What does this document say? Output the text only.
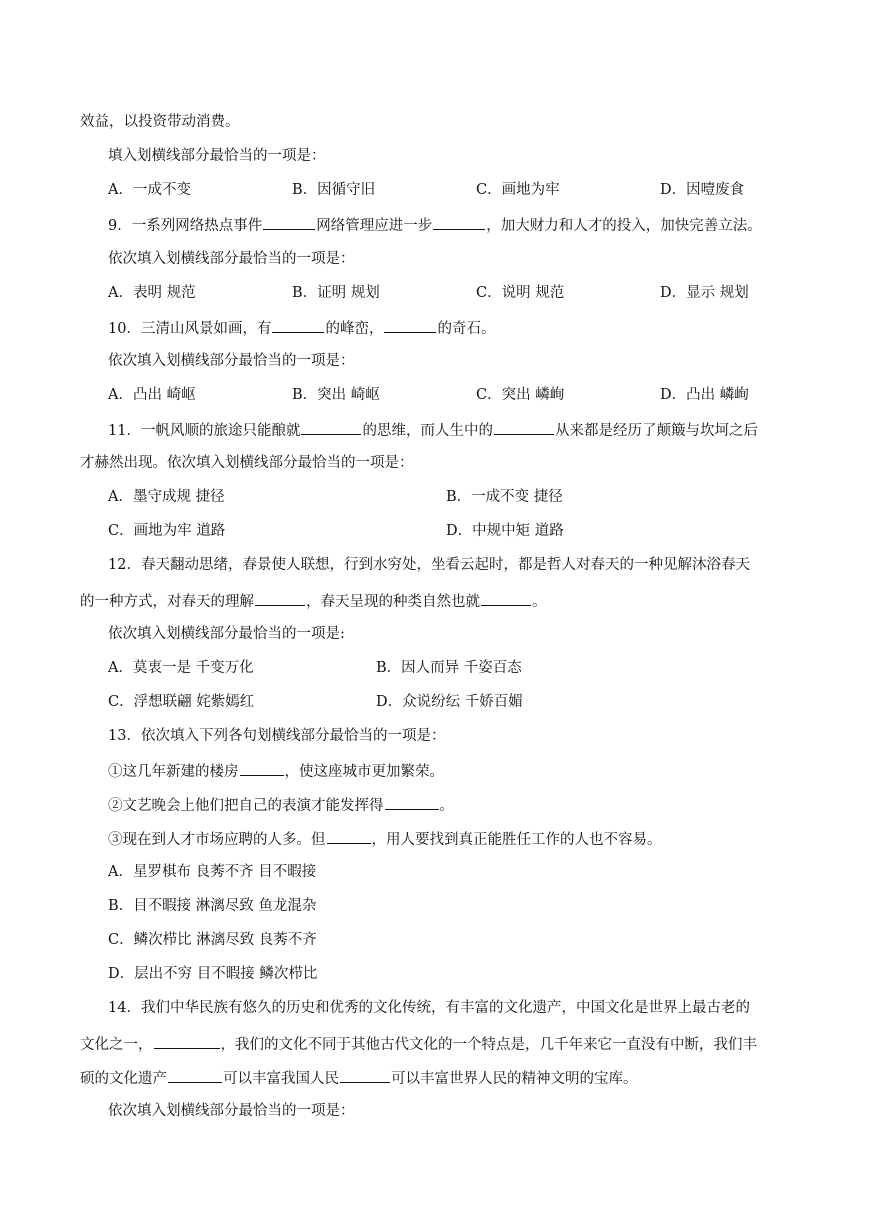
效益，以投资带动消费。
填入划横线部分最恰当的一项是：
A．一成不变	B．因循守旧	C．画地为牢	D．因噎废食
9．一系列网络热点事件	网络管理应进一步	，加大财力和人才的投入，加快完善立法。
依次填入划横线部分最恰当的一项是：
A．表明 规范	B．证明 规划	C．说明 规范	D．显示 规划
10．三清山风景如画，有	的峰峦，	的奇石。
依次填入划横线部分最恰当的一项是：
A．凸出 崎岖	B．突出 崎岖	C．突出 嶙峋	D．凸出 嶙峋
11．一帆风顺的旅途只能酿就	的思维，而人生中的	从来都是经历了颠簸与坎坷之后
才赫然出现。依次填入划横线部分最恰当的一项是：
A．墨守成规 捷径	B．一成不变 捷径
C．画地为牢 道路	D．中规中矩 道路
12．春天翻动思绪，春景使人联想，行到水穷处，坐看云起时，都是哲人对春天的一种见解沐浴春天
的一种方式，对春天的理解	，春天呈现的种类自然也就	。
依次填入划横线部分最恰当的一项是:
A．莫衷一是 千变万化	B．因人而异 千姿百态
C．浮想联翩 姹紫嫣红	D．众说纷纭 千娇百媚
13．依次填入下列各句划横线部分最恰当的一项是：
①这几年新建的楼房	，使这座城市更加繁荣。
②文艺晚会上他们把自己的表演才能发挥得	。
③现在到人才市场应聘的人多。但	，用人要找到真正能胜任工作的人也不容易。
A．星罗棋布 良莠不齐 目不暇接
B．目不暇接 淋漓尽致 鱼龙混杂
C．鳞次栉比 淋漓尽致 良莠不齐
D．层出不穷 目不暇接 鳞次栉比
14．我们中华民族有悠久的历史和优秀的文化传统，有丰富的文化遗产，中国文化是世界上最古老的
文化之一，	，我们的文化不同于其他古代文化的一个特点是，几千年来它一直没有中断，我们丰
硕的文化遗产	可以丰富我国人民	可以丰富世界人民的精神文明的宝库。
依次填入划横线部分最恰当的一项是：
